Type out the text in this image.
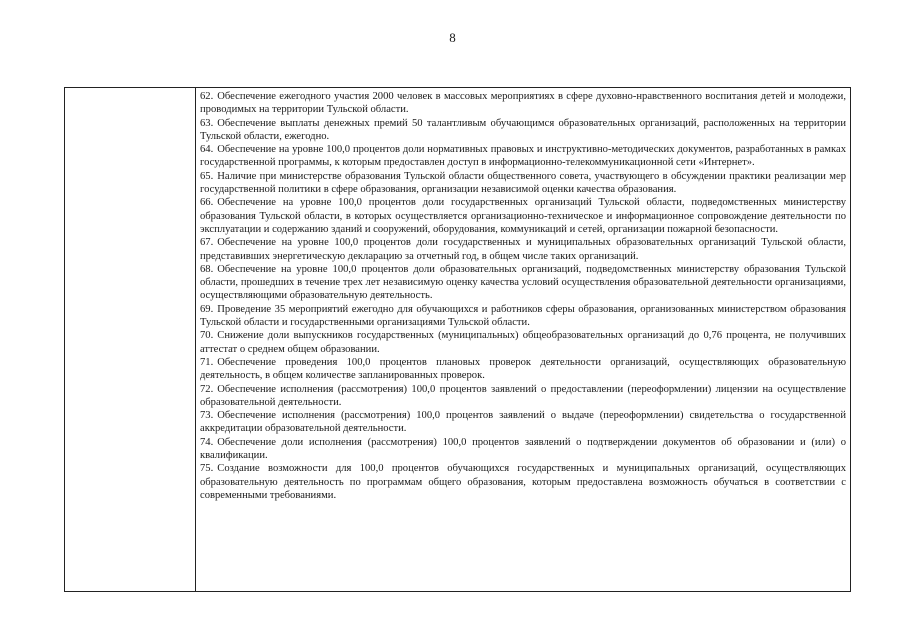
8

62. Обеспечение ежегодного участия 2000 человек в массовых мероприятиях в сфере духовно-нравственного воспитания детей и молодежи, проводимых на территории Тульской области.

63. Обеспечение выплаты денежных премий 50 талантливым обучающимся образовательных организаций, расположенных на территории Тульской области, ежегодно.

64. Обеспечение на уровне 100,0 процентов доли нормативных правовых и инструктивно-методических документов, разработанных в рамках государственной программы, к которым предоставлен доступ в информационно-телекоммуникационной сети «Интернет».

65. Наличие при министерстве образования Тульской области общественного совета, участвующего в обсуждении практики реализации мер государственной политики в сфере образования, организации независимой оценки качества образования.

66. Обеспечение на уровне 100,0 процентов доли государственных организаций Тульской области, подведомственных министерству образования Тульской области, в которых осуществляется организационно-техническое и информационное сопровождение деятельности по эксплуатации и содержанию зданий и сооружений, оборудования, коммуникаций и сетей, организации пожарной безопасности.

67. Обеспечение на уровне 100,0 процентов доли государственных и муниципальных образовательных организаций Тульской области, представивших энергетическую декларацию за отчетный год, в общем числе таких организаций.

68. Обеспечение на уровне 100,0 процентов доли образовательных организаций, подведомственных министерству образования Тульской области, прошедших в течение трех лет независимую оценку качества условий осуществления образовательной деятельности организациями, осуществляющими образовательную деятельность.

69. Проведение 35 мероприятий ежегодно для обучающихся и работников сферы образования, организованных министерством образования Тульской области и государственными организациями Тульской области.

70. Снижение доли выпускников государственных (муниципальных) общеобразовательных организаций до 0,76 процента, не получивших аттестат о среднем общем образовании.

71. Обеспечение проведения 100,0 процентов плановых проверок деятельности организаций, осуществляющих образовательную деятельность, в общем количестве запланированных проверок.

72. Обеспечение исполнения (рассмотрения) 100,0 процентов заявлений о предоставлении (переоформлении) лицензии на осуществление образовательной деятельности.

73. Обеспечение исполнения (рассмотрения) 100,0 процентов заявлений о выдаче (переоформлении) свидетельства о государственной аккредитации образовательной деятельности.

74. Обеспечение доли исполнения (рассмотрения) 100,0 процентов заявлений о подтверждении документов об образовании и (или) о квалификации.

75. Создание возможности для 100,0 процентов обучающихся государственных и муниципальных организаций, осуществляющих образовательную деятельность по программам общего образования, которым предоставлена возможность обучаться в соответствии с современными требованиями.
